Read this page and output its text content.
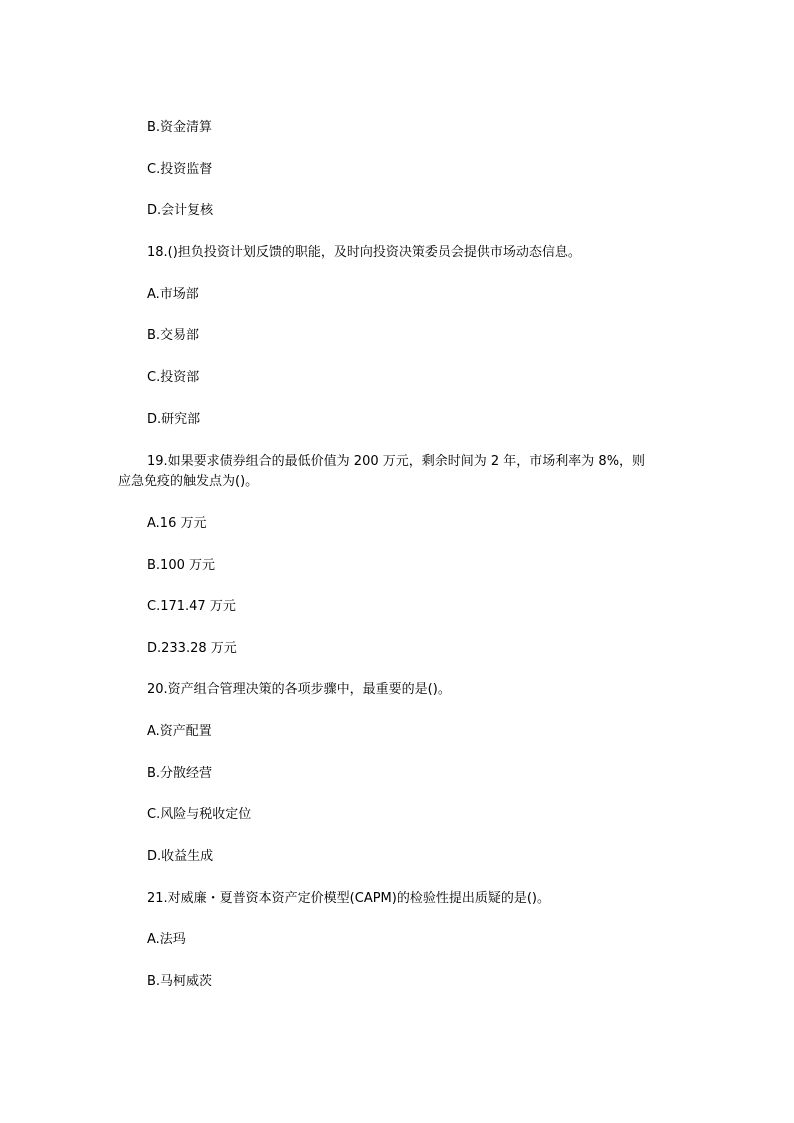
B.资金清算
C.投资监督
D.会计复核
18.()担负投资计划反馈的职能，及时向投资决策委员会提供市场动态信息。
A.市场部
B.交易部
C.投资部
D.研究部
19.如果要求债券组合的最低价值为 200 万元，剩余时间为 2 年，市场利率为 8%，则
应急免疫的触发点为()。
A.16 万元
B.100 万元
C.171.47 万元
D.233.28 万元
20.资产组合管理决策的各项步骤中，最重要的是()。
A.资产配置
B.分散经营
C.风险与税收定位
D.收益生成
21.对威廉・夏普资本资产定价模型(CAPM)的检验性提出质疑的是()。
A.法玛
B.马柯威茨
